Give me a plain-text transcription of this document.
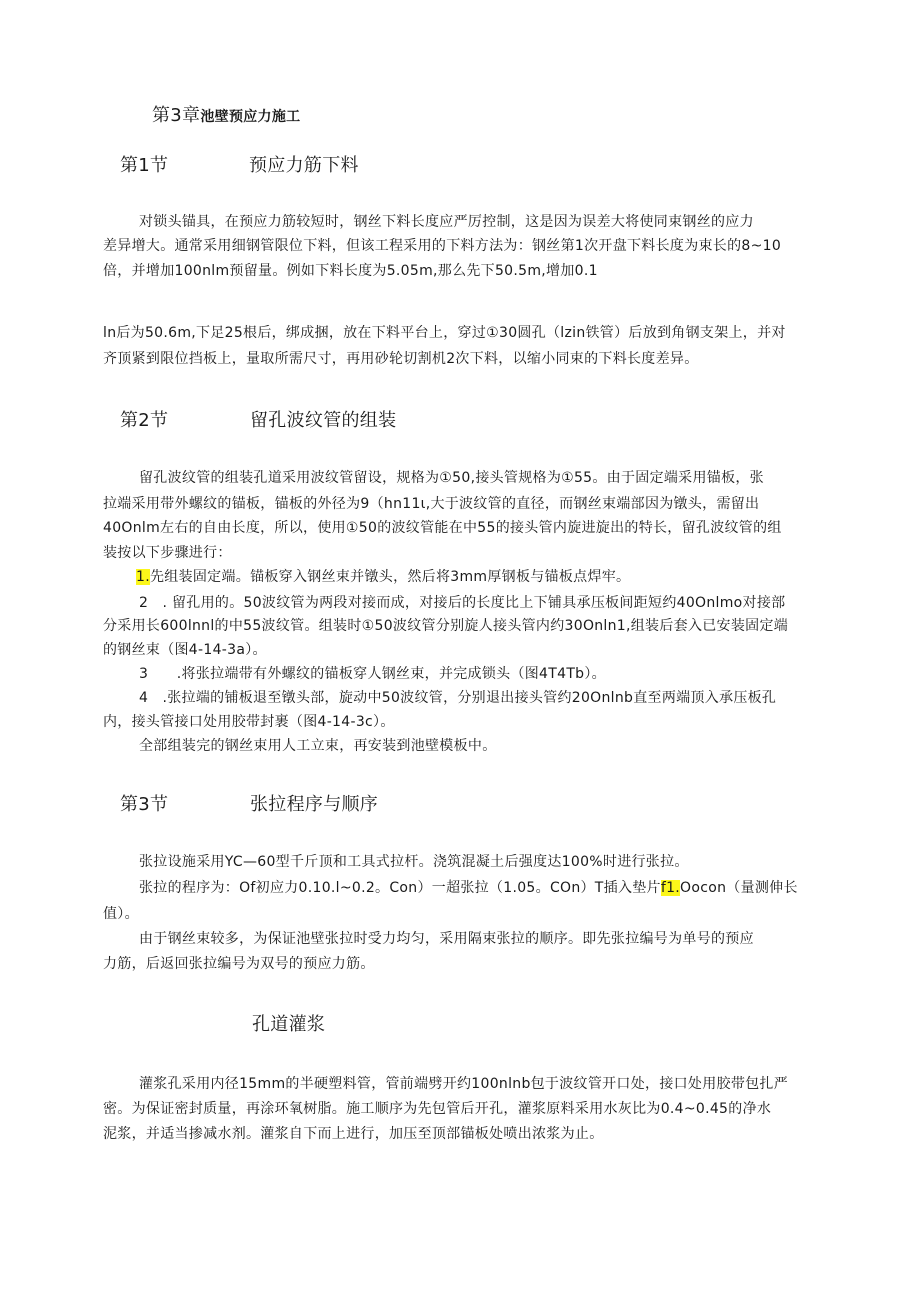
第3章池壁预应力施工
第1节	预应力筋下料
对锁头锚具，在预应力筋较短时，钢丝下料长度应严厉控制，这是因为误差大将使同束钢丝的应力
差异增大。通常采用细钢管限位下料，但该工程采用的下料方法为：钢丝第1次开盘下料长度为束长的8~10
倍，并增加100nlm预留量。例如下料长度为5.05m,那么先下50.5m,增加0.1
ln后为50.6m,下足25根后，绑成捆，放在下料平台上，穿过①30圆孔（lzin铁管）后放到角钢支架上，并对
齐顶紧到限位挡板上，量取所需尺寸，再用砂轮切割机2次下料，以缩小同束的下料长度差异。
第2节	留孔波纹管的组装
留孔波纹管的组装孔道采用波纹管留设，规格为①50,接头管规格为①55。由于固定端采用锚板，张
拉端采用带外螺纹的锚板，锚板的外径为9（hn11ι,大于波纹管的直径，而钢丝束端部因为镦头，需留出
40Onlm左右的自由长度，所以，使用①50的波纹管能在中55的接头管内旋进旋出的特长，留孔波纹管的组
装按以下步骤进行：
1.先组装固定端。锚板穿入钢丝束并镦头，然后将3mm厚钢板与锚板点焊牢。
2　. 留孔用的。50波纹管为两段对接而成，对接后的长度比上下铺具承压板间距短约40Onlmo对接部
分采用长600lnnl的中55波纹管。组装时①50波纹管分别旋人接头管内约30Onln1,组装后套入已安装固定端
的钢丝束（图4-14-3a）。
3　　.将张拉端带有外螺纹的锚板穿人钢丝束，并完成锁头（图4T4Tb）。
4　.张拉端的铺板退至镦头部，旋动中50波纹管，分别退出接头管约20Onlnb直至两端顶入承压板孔
内，接头管接口处用胶带封裹（图4-14-3c）。
全部组装完的钢丝束用人工立束，再安装到池壁模板中。
第3节	张拉程序与顺序
张拉设施采用YC—60型千斤顶和工具式拉杆。浇筑混凝土后强度达100%时进行张拉。
张拉的程序为：Of初应力0.10.l~0.2。Con）一超张拉（1.05。COn）T插入垫片f1.Oocon（量测伸长
值）。
由于钢丝束较多，为保证池壁张拉时受力均匀，采用隔束张拉的顺序。即先张拉编号为单号的预应
力筋，后返回张拉编号为双号的预应力筋。
孔道灌浆
灌浆孔采用内径15mm的半硬塑料管，管前端劈开约100nlnb包于波纹管开口处，接口处用胶带包扎严
密。为保证密封质量，再涂环氧树脂。施工顺序为先包管后开孔，灌浆原料采用水灰比为0.4~0.45的净水
泥浆，并适当掺减水剂。灌浆自下而上进行，加压至顶部锚板处喷出浓浆为止。
